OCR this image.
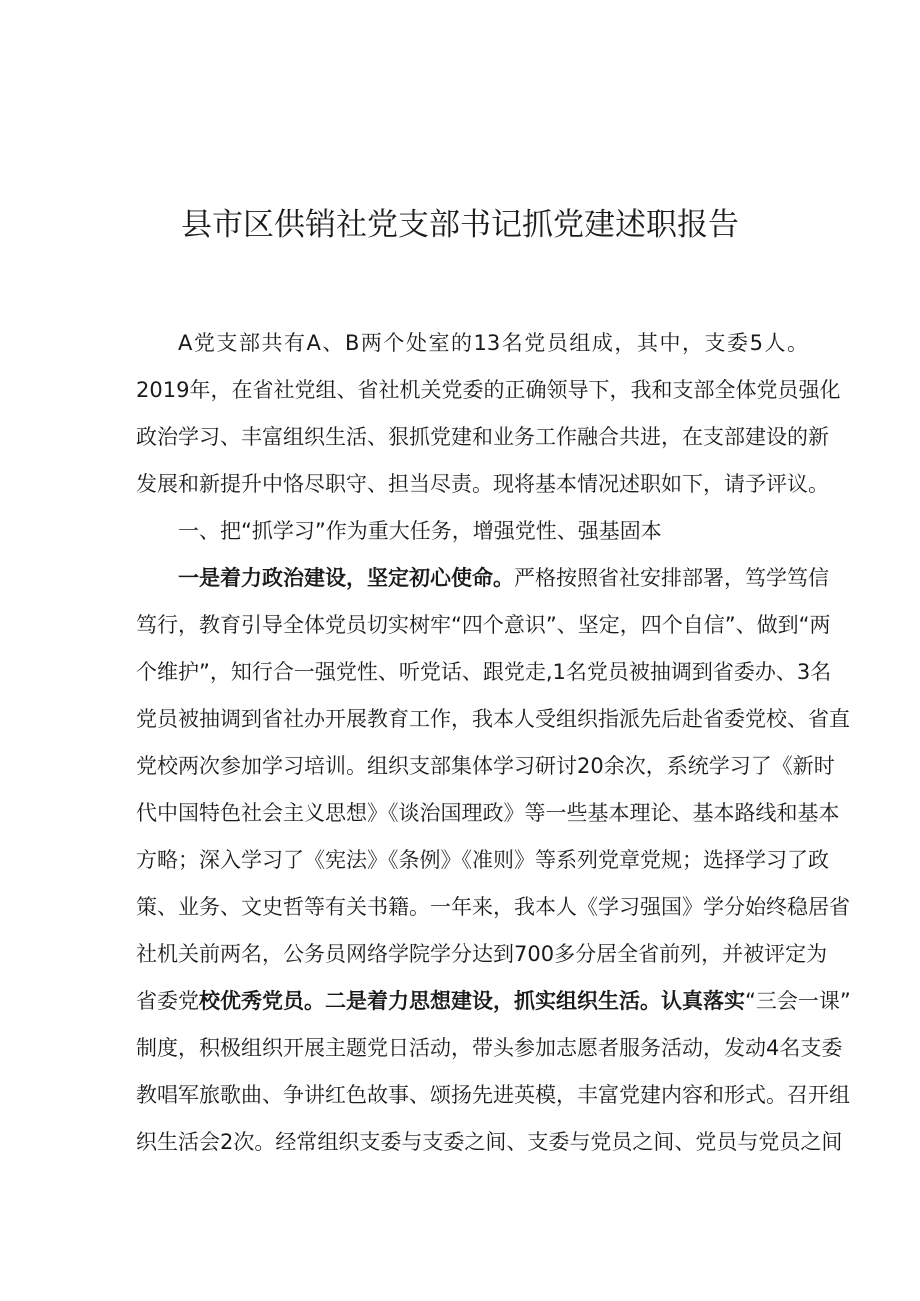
县市区供销社党支部书记抓党建述职报告
A党支部共有A、B两个处室的13名党员组成，其中，支委5人。
2019年，在省社党组、省社机关党委的正确领导下，我和支部全体党员强化
政治学习、丰富组织生活、狠抓党建和业务工作融合共进，在支部建设的新
发展和新提升中恪尽职守、担当尽责。现将基本情况述职如下，请予评议。
一、把“抓学习”作为重大任务，增强党性、强基固本
一是着力政治建设，坚定初心使命。严格按照省社安排部署，笃学笃信
笃行，教育引导全体党员切实树牢“四个意识”、坚定，四个自信”、做到“两
个维护”，知行合一强党性、听党话、跟党走,1名党员被抽调到省委办、3名
党员被抽调到省社办开展教育工作，我本人受组织指派先后赴省委党校、省直
党校两次参加学习培训。组织支部集体学习研讨20余次，系统学习了《新时
代中国特色社会主义思想》《谈治国理政》等一些基本理论、基本路线和基本
方略；深入学习了《宪法》《条例》《准则》等系列党章党规；选择学习了政
策、业务、文史哲等有关书籍。一年来，我本人《学习强国》学分始终稳居省
社机关前两名，公务员网络学院学分达到700多分居全省前列，并被评定为
省委党校优秀党员。二是着力思想建设，抓实组织生活。认真落实“三会一课”
制度，积极组织开展主题党日活动，带头参加志愿者服务活动，发动4名支委
教唱军旅歌曲、争讲红色故事、颂扬先进英模，丰富党建内容和形式。召开组
织生活会2次。经常组织支委与支委之间、支委与党员之间、党员与党员之间
